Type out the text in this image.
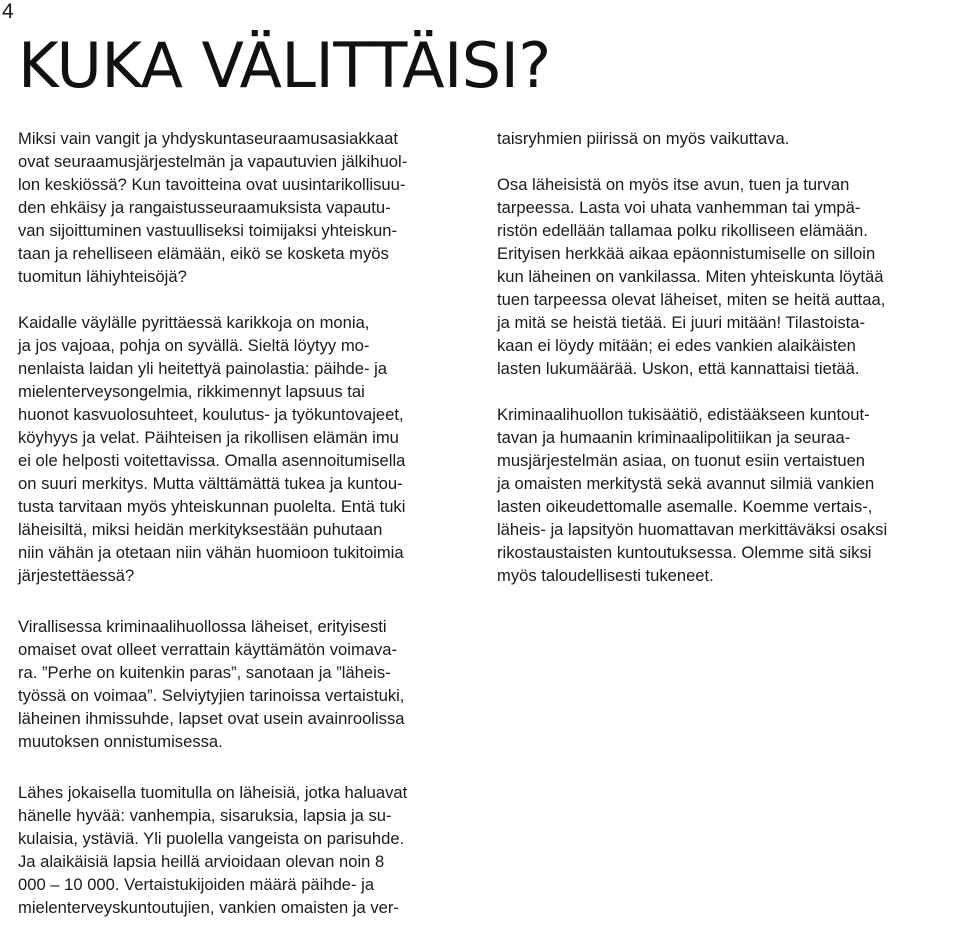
4
KUKA VÄLITTÄISI?

Miksi vain vangit ja yhdyskuntaseuraamusasiakkaat
ovat seuraamusjärjestelmän ja vapautuvien jälkihuol-
lon keskiössä? Kun tavoitteina ovat uusintarikollisuu-
den ehkäisy ja rangaistusseuraamuksista vapautu-
van sijoittuminen vastuulliseksi toimijaksi yhteiskun-
taan ja rehelliseen elämään, eikö se kosketa myös
tuomitun lähiyhteisöjä?

Kaidalle väylälle pyrittäessä karikkoja on monia,
ja jos vajoaa, pohja on syvällä. Sieltä löytyy mo-
nenlaista laidan yli heitettyä painolastia: päihde- ja
mielenterveysongelmia, rikkimennyt lapsuus tai
huonot kasvuolosuhteet, koulutus- ja työkuntovajeet,
köyhyys ja velat. Päihteisen ja rikollisen elämän imu
ei ole helposti voitettavissa. Omalla asennoitumisella
on suuri merkitys. Mutta välttämättä tukea ja kuntou-
tusta tarvitaan myös yhteiskunnan puolelta. Entä tuki
läheisiltä, miksi heidän merkityksestään puhutaan
niin vähän ja otetaan niin vähän huomioon tukitoimia
järjestettäessä?

Virallisessa kriminaalihuollossa läheiset, erityisesti
omaiset ovat olleet verrattain käyttämätön voimava-
ra. ”Perhe on kuitenkin paras”, sanotaan ja ”läheis-
työssä on voimaa”. Selviytyjien tarinoissa vertaistuki,
läheinen ihmissuhde, lapset ovat usein avainroolissa
muutoksen onnistumisessa.

Lähes jokaisella tuomitulla on läheisiä, jotka haluavat
hänelle hyvää: vanhempia, sisaruksia, lapsia ja su-
kulaisia, ystäviä. Yli puolella vangeista on parisuhde.
Ja alaikäisiä lapsia heillä arvioidaan olevan noin 8
000 – 10 000. Vertaistukijoiden määrä päihde- ja
mielenterveyskuntoutujien, vankien omaisten ja ver-

taisryhmien piirissä on myös vaikuttava.

Osa läheisistä on myös itse avun, tuen ja turvan
tarpeessa. Lasta voi uhata vanhemman tai ympä-
ristön edellään tallamaa polku rikolliseen elämään.
Erityisen herkkää aikaa epäonnistumiselle on silloin
kun läheinen on vankilassa. Miten yhteiskunta löytää
tuen tarpeessa olevat läheiset, miten se heitä auttaa,
ja mitä se heistä tietää. Ei juuri mitään! Tilastoista-
kaan ei löydy mitään; ei edes vankien alaikäisten
lasten lukumäärää. Uskon, että kannattaisi tietää.

Kriminaalihuollon tukisäätiö, edistääkseen kuntout-
tavan ja humaanin kriminaalipolitiikan ja seuraa-
musjärjestelmän asiaa, on tuonut esiin vertaistuen
ja omaisten merkitystä sekä avannut silmiä vankien
lasten oikeudettomalle asemalle. Koemme vertais-,
läheis- ja lapsityön huomattavan merkittäväksi osaksi
rikostaustaisten kuntoutuksessa. Olemme sitä siksi
myös taloudellisesti tukeneet.
